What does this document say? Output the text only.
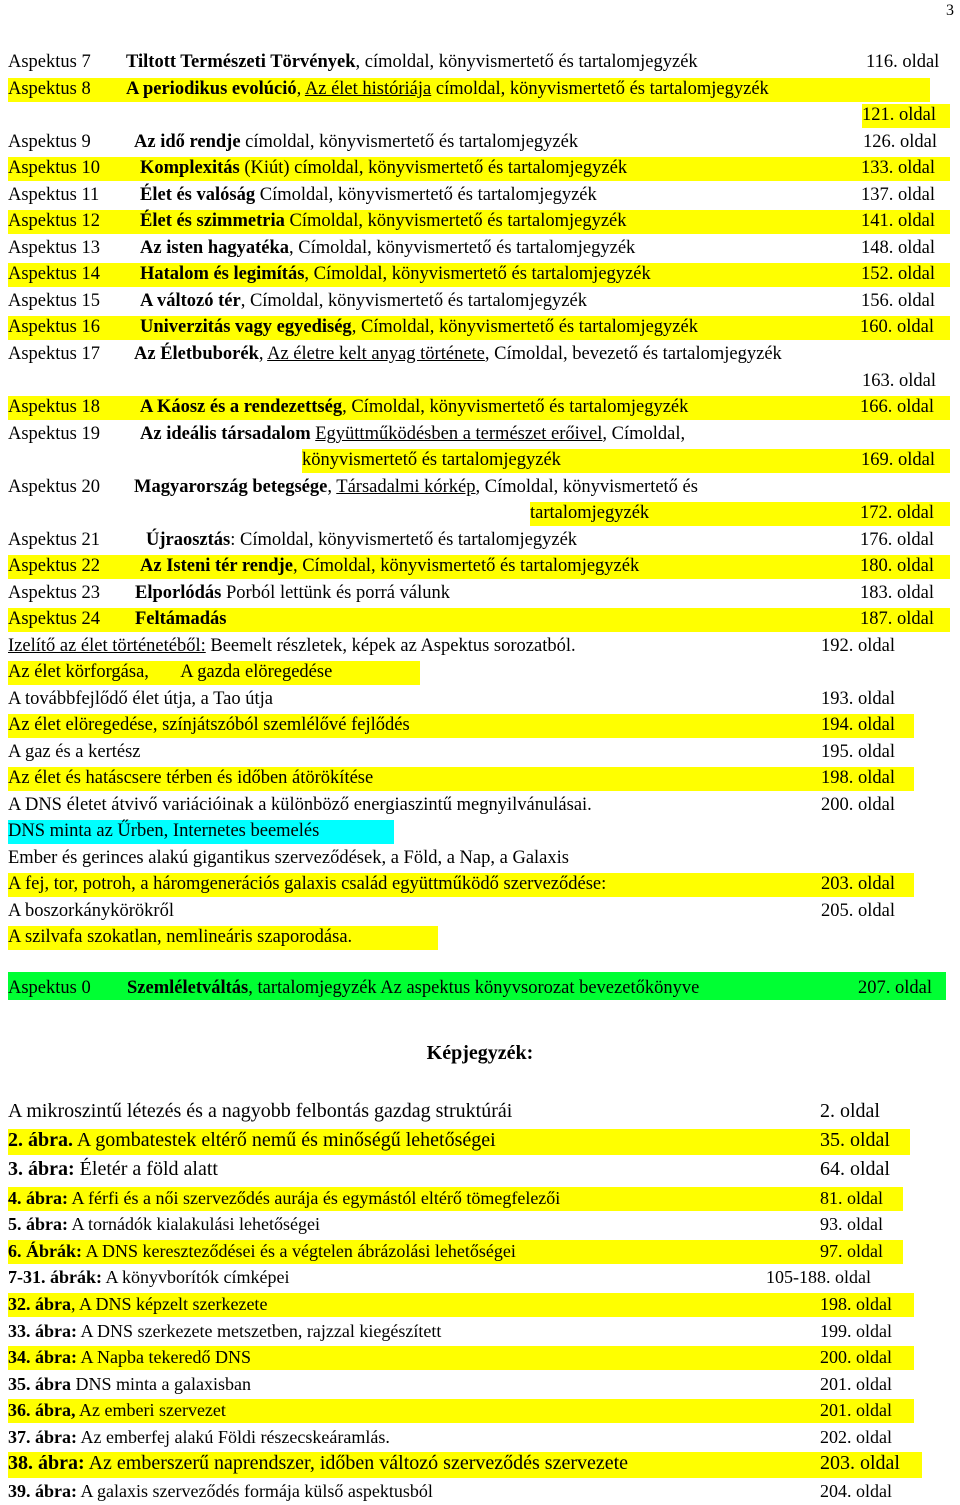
3
Aspektus 7 Tiltott Természeti Törvények, címoldal, könyvismertető és tartalomjegyzék	116. oldal
Aspektus 8 A periodikus evolúció, Az élet históriája címoldal, könyvismertető és tartalomjegyzék
121. oldal
Aspektus 9 Az idő rendje címoldal, könyvismertető és tartalomjegyzék	126. oldal
Aspektus 10 Komplexitás (Kiút) címoldal, könyvismertető és tartalomjegyzék	133. oldal
Aspektus 11 Élet és valóság Címoldal, könyvismertető és tartalomjegyzék	137. oldal
Aspektus 12 Élet és szimmetria Címoldal, könyvismertető és tartalomjegyzék	141. oldal
Aspektus 13 Az isten hagyatéka, Címoldal, könyvismertető és tartalomjegyzék	148. oldal
Aspektus 14 Hatalom és legimítás, Címoldal, könyvismertető és tartalomjegyzék	152. oldal
Aspektus 15 A változó tér, Címoldal, könyvismertető és tartalomjegyzék	156. oldal
Aspektus 16 Univerzitás vagy egyediség, Címoldal, könyvismertető és tartalomjegyzék	160. oldal
Aspektus 17 Az Életbuborék, Az életre kelt anyag története, Címoldal, bevezető és tartalomjegyzék
163. oldal
Aspektus 18 A Káosz és a rendezettség, Címoldal, könyvismertető és tartalomjegyzék	166. oldal
Aspektus 19 Az ideális társadalom Együttműködésben a természet erőivel, Címoldal,
könyvismertető és tartalomjegyzék	169. oldal
Aspektus 20 Magyarország betegsége, Társadalmi kórkép, Címoldal, könyvismertető és
tartalomjegyzék	172. oldal
Aspektus 21 Újraosztás: Címoldal, könyvismertető és tartalomjegyzék	176. oldal
Aspektus 22 Az Isteni tér rendje, Címoldal, könyvismertető és tartalomjegyzék	180. oldal
Aspektus 23 Elporlódás Porból lettünk és porrá válunk	183. oldal
Aspektus 24 Feltámadás	187. oldal
Izelítő az élet történetéből: Beemelt részletek, képek az Aspektus sorozatból.	192. oldal
Az élet körforgása,       A gazda elöregedése
A továbbfejlődő élet útja, a Tao útja	193. oldal
Az élet elöregedése, színjátszóból szemlélővé fejlődés	194. oldal
A gaz és a kertész	195. oldal
Az élet és hatáscsere térben és időben átörökítése	198. oldal
A DNS életet átvivő variációinak a különböző energiaszintű megnyilvánulásai.	200. oldal
DNS minta az Űrben, Internetes beemelés
Ember és gerinces alakú gigantikus szerveződések, a Föld, a Nap, a Galaxis
A fej, tor, potroh, a háromgenerációs galaxis család együttműködő szerveződése:	203. oldal
A boszorkánykörökről	205. oldal
A szilvafa szokatlan, nemlineáris szaporodása.
Aspektus 0 Szemléletváltás, tartalomjegyzék Az aspektus könyvsorozat bevezetőkönyve	207. oldal
Képjegyzék:
A mikroszintű létezés és a nagyobb felbontás gazdag struktúrái	2. oldal
2. ábra. A gombatestek eltérő nemű és minőségű lehetőségei	35. oldal
3. ábra: Életér a föld alatt	64. oldal
4. ábra: A férfi és a női szerveződés aurája és egymástól eltérő tömegfelezői	81. oldal
5. ábra: A tornádók kialakulási lehetőségei	93. oldal
6. Ábrák: A DNS kereszteződései és a végtelen ábrázolási lehetőségei	97. oldal
7-31. ábrák: A könyvborítók címképei	105-188. oldal
32. ábra, A DNS képzelt szerkezete	198. oldal
33. ábra: A DNS szerkezete metszetben, rajzzal kiegészített	199. oldal
34. ábra: A Napba tekeredő DNS	200. oldal
35. ábra DNS minta a galaxisban	201. oldal
36. ábra, Az emberi szervezet	201. oldal
37. ábra: Az emberfej alakú Földi részecskeáramlás.	202. oldal
38. ábra: Az emberszerű naprendszer, időben változó szerveződés szervezete	203. oldal
39. ábra: A galaxis szerveződés formája külső aspektusból	204. oldal
